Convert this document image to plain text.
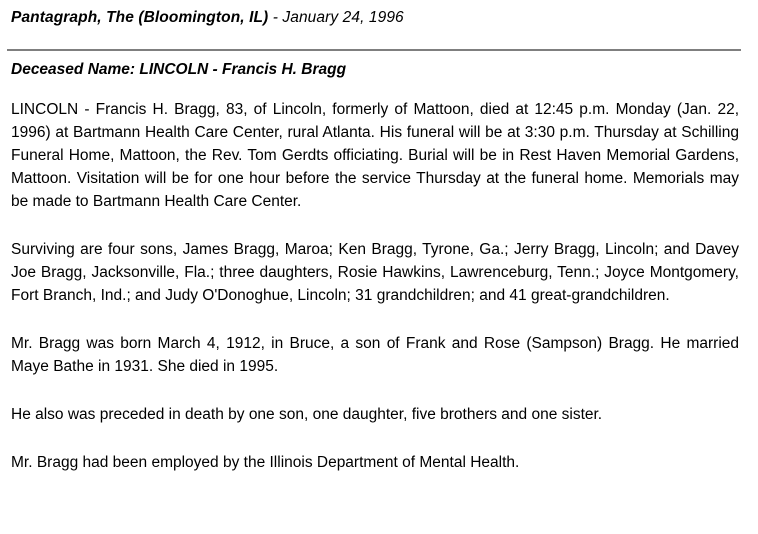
Pantagraph, The (Bloomington, IL) - January 24, 1996
Deceased Name: LINCOLN - Francis H. Bragg

LINCOLN - Francis H. Bragg, 83, of Lincoln, formerly of Mattoon, died at 12:45 p.m. Monday (Jan. 22, 1996) at Bartmann Health Care Center, rural Atlanta. His funeral will be at 3:30 p.m. Thursday at Schilling Funeral Home, Mattoon, the Rev. Tom Gerdts officiating. Burial will be in Rest Haven Memorial Gardens, Mattoon. Visitation will be for one hour before the service Thursday at the funeral home. Memorials may be made to Bartmann Health Care Center.

Surviving are four sons, James Bragg, Maroa; Ken Bragg, Tyrone, Ga.; Jerry Bragg, Lincoln; and Davey Joe Bragg, Jacksonville, Fla.; three daughters, Rosie Hawkins, Lawrenceburg, Tenn.; Joyce Montgomery, Fort Branch, Ind.; and Judy O'Donoghue, Lincoln; 31 grandchildren; and 41 great-grandchildren.

Mr. Bragg was born March 4, 1912, in Bruce, a son of Frank and Rose (Sampson) Bragg. He married Maye Bathe in 1931. She died in 1995.

He also was preceded in death by one son, one daughter, five brothers and one sister.

Mr. Bragg had been employed by the Illinois Department of Mental Health.
